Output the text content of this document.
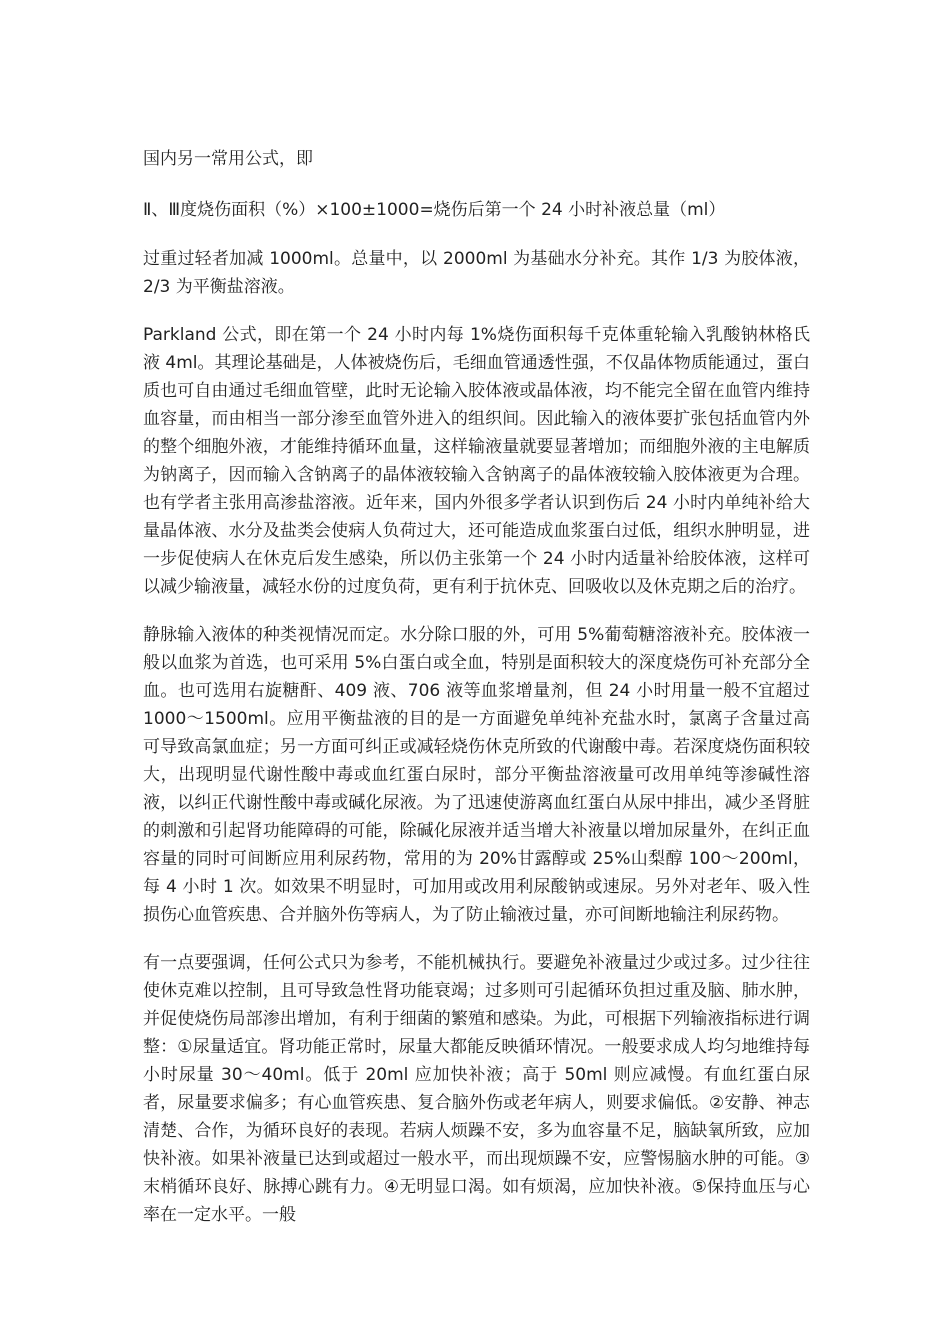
国内另一常用公式，即

Ⅱ、Ⅲ度烧伤面积（%）×100±1000=烧伤后第一个 24 小时补液总量（ml）

过重过轻者加减 1000ml。总量中，以 2000ml 为基础水分补充。其作 1/3 为胶体液，2/3 为平衡盐溶液。

Parkland 公式，即在第一个 24 小时内每 1%烧伤面积每千克体重轮输入乳酸钠林格氏液 4ml。其理论基础是，人体被烧伤后，毛细血管通透性强，不仅晶体物质能通过，蛋白质也可自由通过毛细血管壁，此时无论输入胶体液或晶体液，均不能完全留在血管内维持血容量，而由相当一部分渗至血管外进入的组织间。因此输入的液体要扩张包括血管内外的整个细胞外液，才能维持循环血量，这样输液量就要显著增加；而细胞外液的主电解质为钠离子，因而输入含钠离子的晶体液较输入含钠离子的晶体液较输入胶体液更为合理。也有学者主张用高渗盐溶液。近年来，国内外很多学者认识到伤后 24 小时内单纯补给大量晶体液、水分及盐类会使病人负荷过大，还可能造成血浆蛋白过低，组织水肿明显，进一步促使病人在休克后发生感染，所以仍主张第一个 24 小时内适量补给胶体液，这样可以减少输液量，减轻水份的过度负荷，更有利于抗休克、回吸收以及休克期之后的治疗。

静脉输入液体的种类视情况而定。水分除口服的外，可用 5%葡萄糖溶液补充。胶体液一般以血浆为首选，也可采用 5%白蛋白或全血，特别是面积较大的深度烧伤可补充部分全血。也可选用右旋糖酐、409 液、706 液等血浆增量剂，但 24 小时用量一般不宜超过 1000～1500ml。应用平衡盐液的目的是一方面避免单纯补充盐水时，氯离子含量过高可导致高氯血症；另一方面可纠正或减轻烧伤休克所致的代谢酸中毒。若深度烧伤面积较大，出现明显代谢性酸中毒或血红蛋白尿时，部分平衡盐溶液量可改用单纯等渗碱性溶液，以纠正代谢性酸中毒或碱化尿液。为了迅速使游离血红蛋白从尿中排出，减少圣肾脏的刺激和引起肾功能障碍的可能，除碱化尿液并适当增大补液量以增加尿量外，在纠正血容量的同时可间断应用利尿药物，常用的为 20%甘露醇或 25%山梨醇 100～200ml，每 4 小时 1 次。如效果不明显时，可加用或改用利尿酸钠或速尿。另外对老年、吸入性损伤心血管疾患、合并脑外伤等病人，为了防止输液过量，亦可间断地输注利尿药物。

有一点要强调，任何公式只为参考，不能机械执行。要避免补液量过少或过多。过少往往使休克难以控制，且可导致急性肾功能衰竭；过多则可引起循环负担过重及脑、肺水肿，并促使烧伤局部渗出增加，有利于细菌的繁殖和感染。为此，可根据下列输液指标进行调整：①尿量适宜。肾功能正常时，尿量大都能反映循环情况。一般要求成人均匀地维持每小时尿量 30～40ml。低于 20ml 应加快补液；高于 50ml 则应减慢。有血红蛋白尿者，尿量要求偏多；有心血管疾患、复合脑外伤或老年病人，则要求偏低。②安静、神志清楚、合作，为循环良好的表现。若病人烦躁不安，多为血容量不足，脑缺氧所致，应加快补液。如果补液量已达到或超过一般水平，而出现烦躁不安，应警惕脑水肿的可能。③末梢循环良好、脉搏心跳有力。④无明显口渴。如有烦渴，应加快补液。⑤保持血压与心率在一定水平。一般
